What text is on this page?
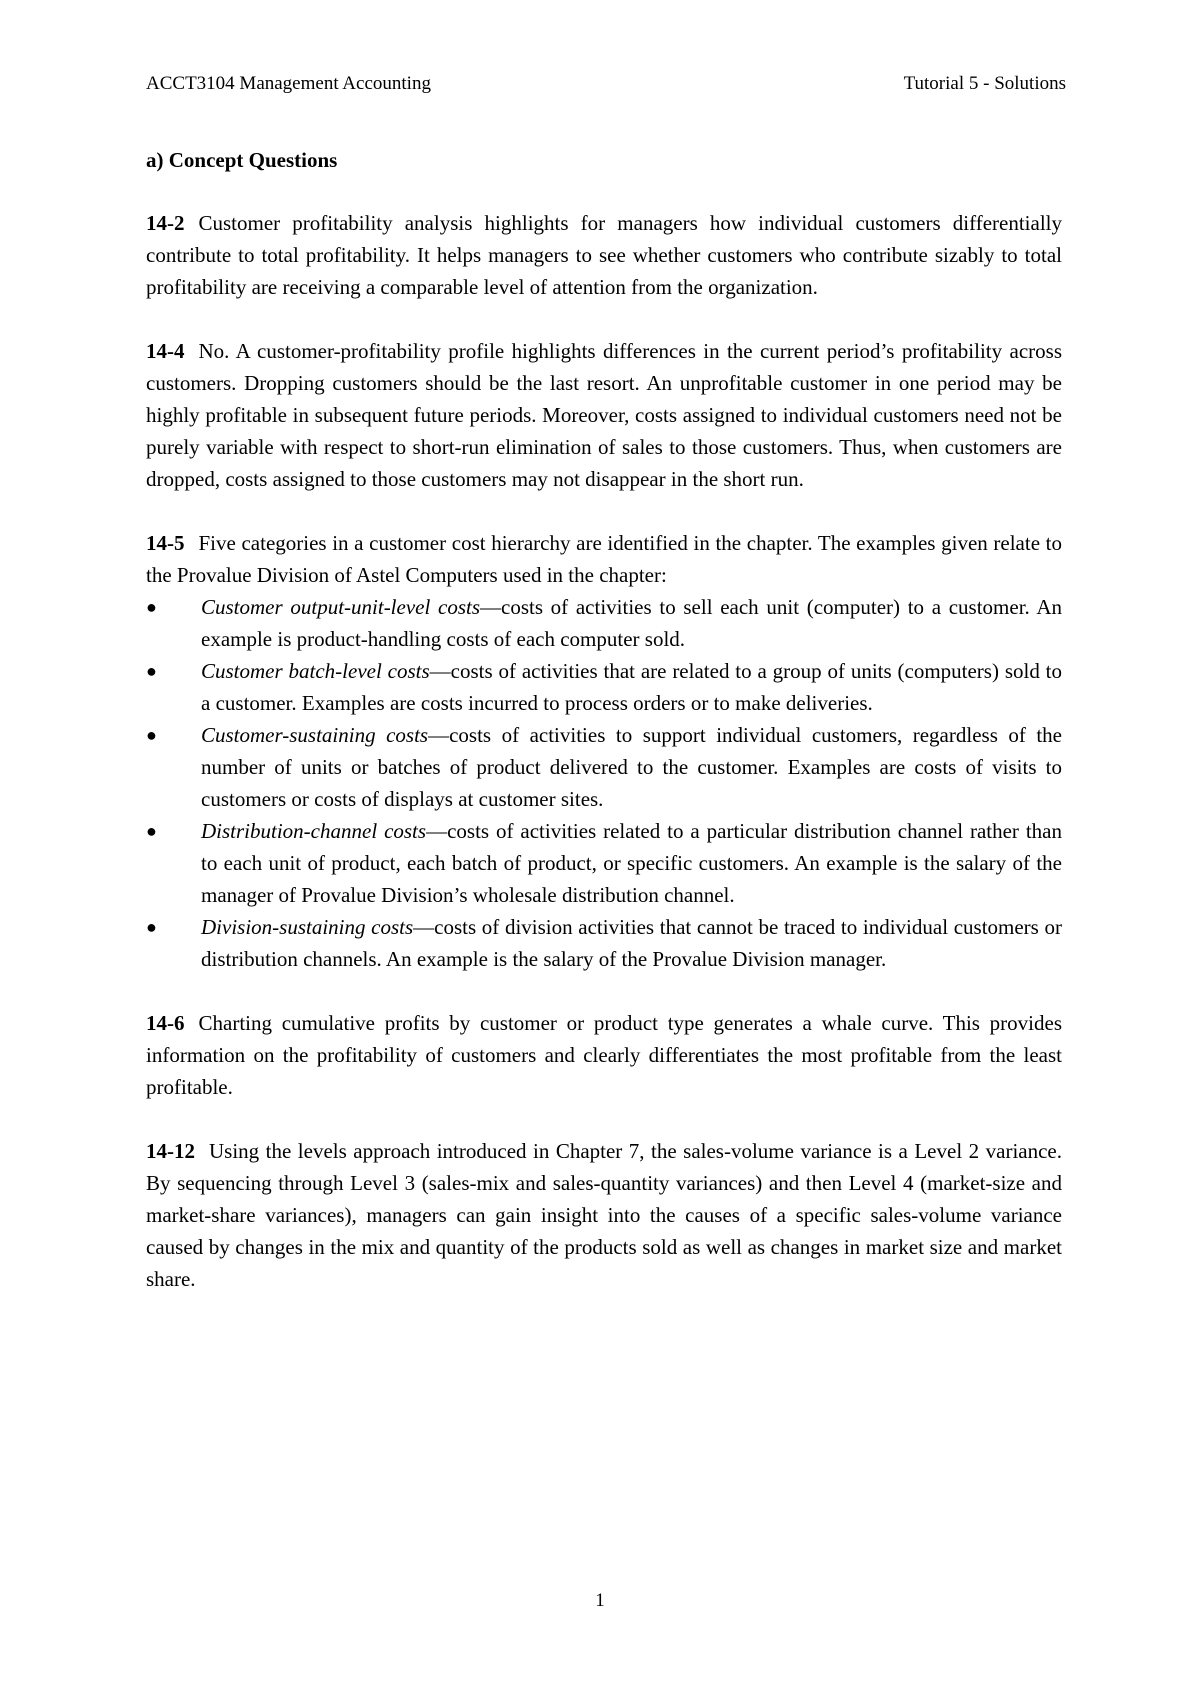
ACCT3104 Management Accounting	Tutorial 5 - Solutions
a) Concept Questions
14-2 Customer profitability analysis highlights for managers how individual customers differentially contribute to total profitability. It helps managers to see whether customers who contribute sizably to total profitability are receiving a comparable level of attention from the organization.
14-4 No. A customer-profitability profile highlights differences in the current period’s profitability across customers. Dropping customers should be the last resort. An unprofitable customer in one period may be highly profitable in subsequent future periods. Moreover, costs assigned to individual customers need not be purely variable with respect to short-run elimination of sales to those customers. Thus, when customers are dropped, costs assigned to those customers may not disappear in the short run.
14-5 Five categories in a customer cost hierarchy are identified in the chapter. The examples given relate to the Provalue Division of Astel Computers used in the chapter:
● Customer output-unit-level costs—costs of activities to sell each unit (computer) to a customer. An example is product-handling costs of each computer sold.
● Customer batch-level costs—costs of activities that are related to a group of units (computers) sold to a customer. Examples are costs incurred to process orders or to make deliveries.
● Customer-sustaining costs—costs of activities to support individual customers, regardless of the number of units or batches of product delivered to the customer. Examples are costs of visits to customers or costs of displays at customer sites.
● Distribution-channel costs—costs of activities related to a particular distribution channel rather than to each unit of product, each batch of product, or specific customers. An example is the salary of the manager of Provalue Division’s wholesale distribution channel.
● Division-sustaining costs—costs of division activities that cannot be traced to individual customers or distribution channels. An example is the salary of the Provalue Division manager.
14-6 Charting cumulative profits by customer or product type generates a whale curve. This provides information on the profitability of customers and clearly differentiates the most profitable from the least profitable.
14-12 Using the levels approach introduced in Chapter 7, the sales-volume variance is a Level 2 variance. By sequencing through Level 3 (sales-mix and sales-quantity variances) and then Level 4 (market-size and market-share variances), managers can gain insight into the causes of a specific sales-volume variance caused by changes in the mix and quantity of the products sold as well as changes in market size and market share.
1
